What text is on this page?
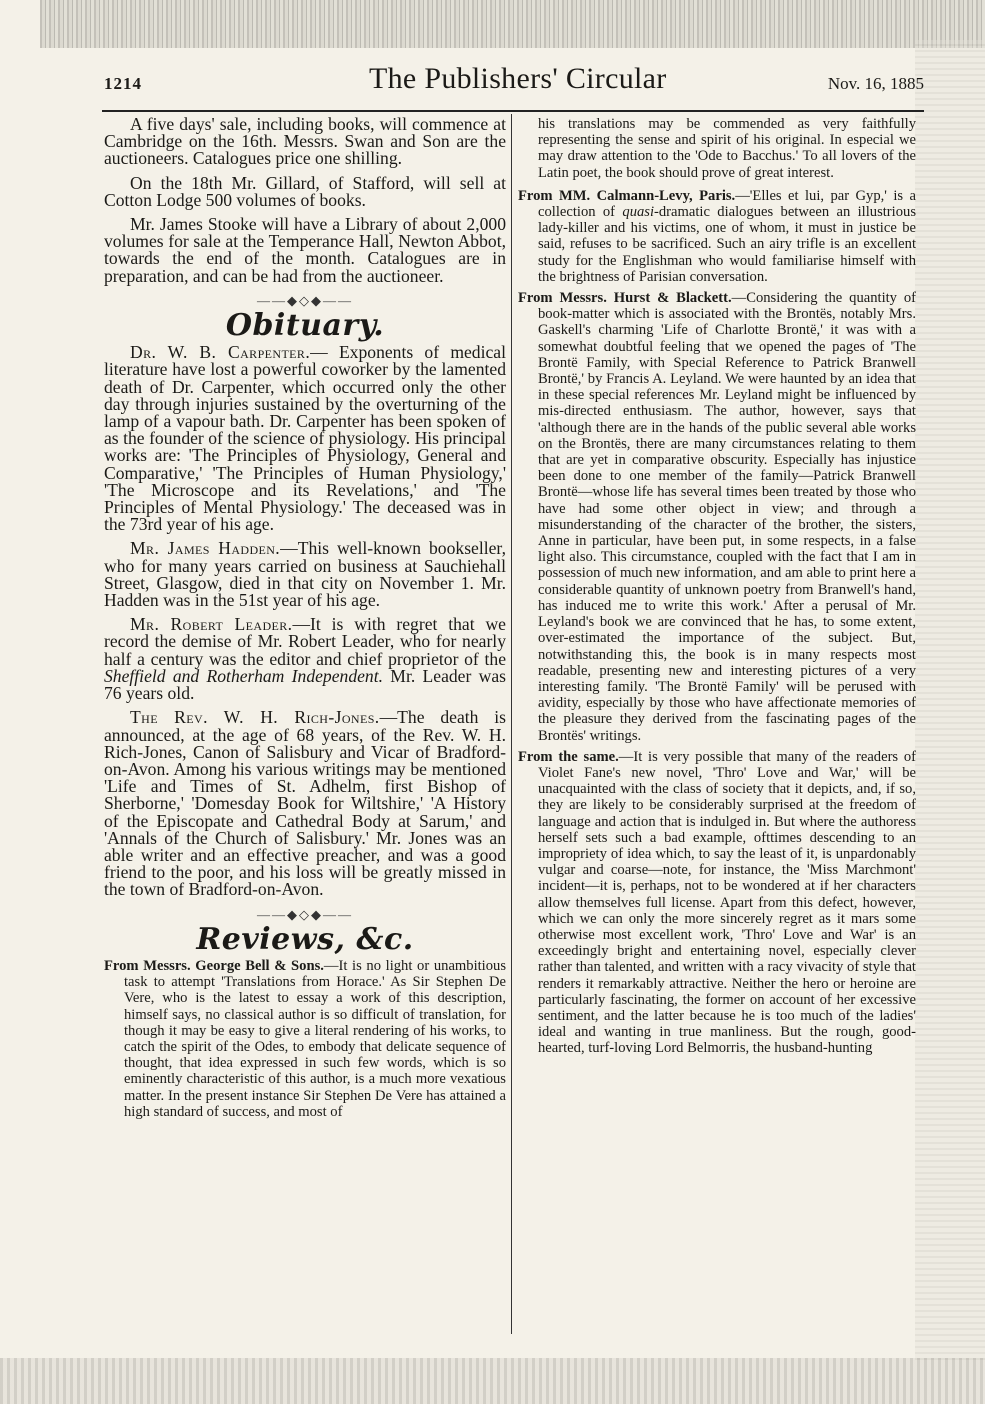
1214	The Publishers' Circular	Nov. 16, 1885

A five days' sale, including books, will commence at Cambridge on the 16th. Messrs. Swan and Son are the auctioneers. Catalogues price one shilling.

On the 18th Mr. Gillard, of Stafford, will sell at Cotton Lodge 500 volumes of books.

Mr. James Stooke will have a Library of about 2,000 volumes for sale at the Temperance Hall, Newton Abbot, towards the end of the month. Catalogues are in preparation, and can be had from the auctioneer.

——◆◇◆——
Obituary.

Dr. W. B. Carpenter.— Exponents of medical literature have lost a powerful coworker by the lamented death of Dr. Carpenter, which occurred only the other day through injuries sustained by the overturning of the lamp of a vapour bath. Dr. Carpenter has been spoken of as the founder of the science of physiology. His principal works are: 'The Principles of Physiology, General and Comparative,' 'The Principles of Human Physiology,' 'The Microscope and its Revelations,' and 'The Principles of Mental Physiology.' The deceased was in the 73rd year of his age.

Mr. James Hadden.—This well-known bookseller, who for many years carried on business at Sauchiehall Street, Glasgow, died in that city on November 1. Mr. Hadden was in the 51st year of his age.

Mr. Robert Leader.—It is with regret that we record the demise of Mr. Robert Leader, who for nearly half a century was the editor and chief proprietor of the Sheffield and Rotherham Independent. Mr. Leader was 76 years old.

The Rev. W. H. Rich-Jones.—The death is announced, at the age of 68 years, of the Rev. W. H. Rich-Jones, Canon of Salisbury and Vicar of Bradford-on-Avon. Among his various writings may be mentioned 'Life and Times of St. Adhelm, first Bishop of Sherborne,' 'Domesday Book for Wiltshire,' 'A History of the Episcopate and Cathedral Body at Sarum,' and 'Annals of the Church of Salisbury.' Mr. Jones was an able writer and an effective preacher, and was a good friend to the poor, and his loss will be greatly missed in the town of Bradford-on-Avon.

——◆◇◆——
Reviews, &c.

From Messrs. George Bell & Sons.—It is no light or unambitious task to attempt 'Translations from Horace.' As Sir Stephen De Vere, who is the latest to essay a work of this description, himself says, no classical author is so difficult of translation, for though it may be easy to give a literal rendering of his works, to catch the spirit of the Odes, to embody that delicate sequence of thought, that idea expressed in such few words, which is so eminently characteristic of this author, is a much more vexatious matter. In the present instance Sir Stephen De Vere has attained a high standard of success, and most of

his translations may be commended as very faithfully representing the sense and spirit of his original. In especial we may draw attention to the 'Ode to Bacchus.' To all lovers of the Latin poet, the book should prove of great interest.

From MM. Calmann-Levy, Paris.—'Elles et lui, par Gyp,' is a collection of quasi-dramatic dialogues between an illustrious lady-killer and his victims, one of whom, it must in justice be said, refuses to be sacrificed. Such an airy trifle is an excellent study for the Englishman who would familiarise himself with the brightness of Parisian conversation.

From Messrs. Hurst & Blackett.—Considering the quantity of book-matter which is associated with the Brontës, notably Mrs. Gaskell's charming 'Life of Charlotte Brontë,' it was with a somewhat doubtful feeling that we opened the pages of 'The Brontë Family, with Special Reference to Patrick Branwell Brontë,' by Francis A. Leyland. We were haunted by an idea that in these special references Mr. Leyland might be influenced by mis-directed enthusiasm. The author, however, says that 'although there are in the hands of the public several able works on the Brontës, there are many circumstances relating to them that are yet in comparative obscurity. Especially has injustice been done to one member of the family—Patrick Branwell Brontë—whose life has several times been treated by those who have had some other object in view; and through a misunderstanding of the character of the brother, the sisters, Anne in particular, have been put, in some respects, in a false light also. This circumstance, coupled with the fact that I am in possession of much new information, and am able to print here a considerable quantity of unknown poetry from Branwell's hand, has induced me to write this work.' After a perusal of Mr. Leyland's book we are convinced that he has, to some extent, over-estimated the importance of the subject. But, notwithstanding this, the book is in many respects most readable, presenting new and interesting pictures of a very interesting family. 'The Brontë Family' will be perused with avidity, especially by those who have affectionate memories of the pleasure they derived from the fascinating pages of the Brontës' writings.

From the same.—It is very possible that many of the readers of Violet Fane's new novel, 'Thro' Love and War,' will be unacquainted with the class of society that it depicts, and, if so, they are likely to be considerably surprised at the freedom of language and action that is indulged in. But where the authoress herself sets such a bad example, ofttimes descending to an impropriety of idea which, to say the least of it, is unpardonably vulgar and coarse—note, for instance, the 'Miss Marchmont' incident—it is, perhaps, not to be wondered at if her characters allow themselves full license. Apart from this defect, however, which we can only the more sincerely regret as it mars some otherwise most excellent work, 'Thro' Love and War' is an exceedingly bright and entertaining novel, especially clever rather than talented, and written with a racy vivacity of style that renders it remarkably attractive. Neither the hero or heroine are particularly fascinating, the former on account of her excessive sentiment, and the latter because he is too much of the ladies' ideal and wanting in true manliness. But the rough, good-hearted, turf-loving Lord Belmorris, the husband-hunting
